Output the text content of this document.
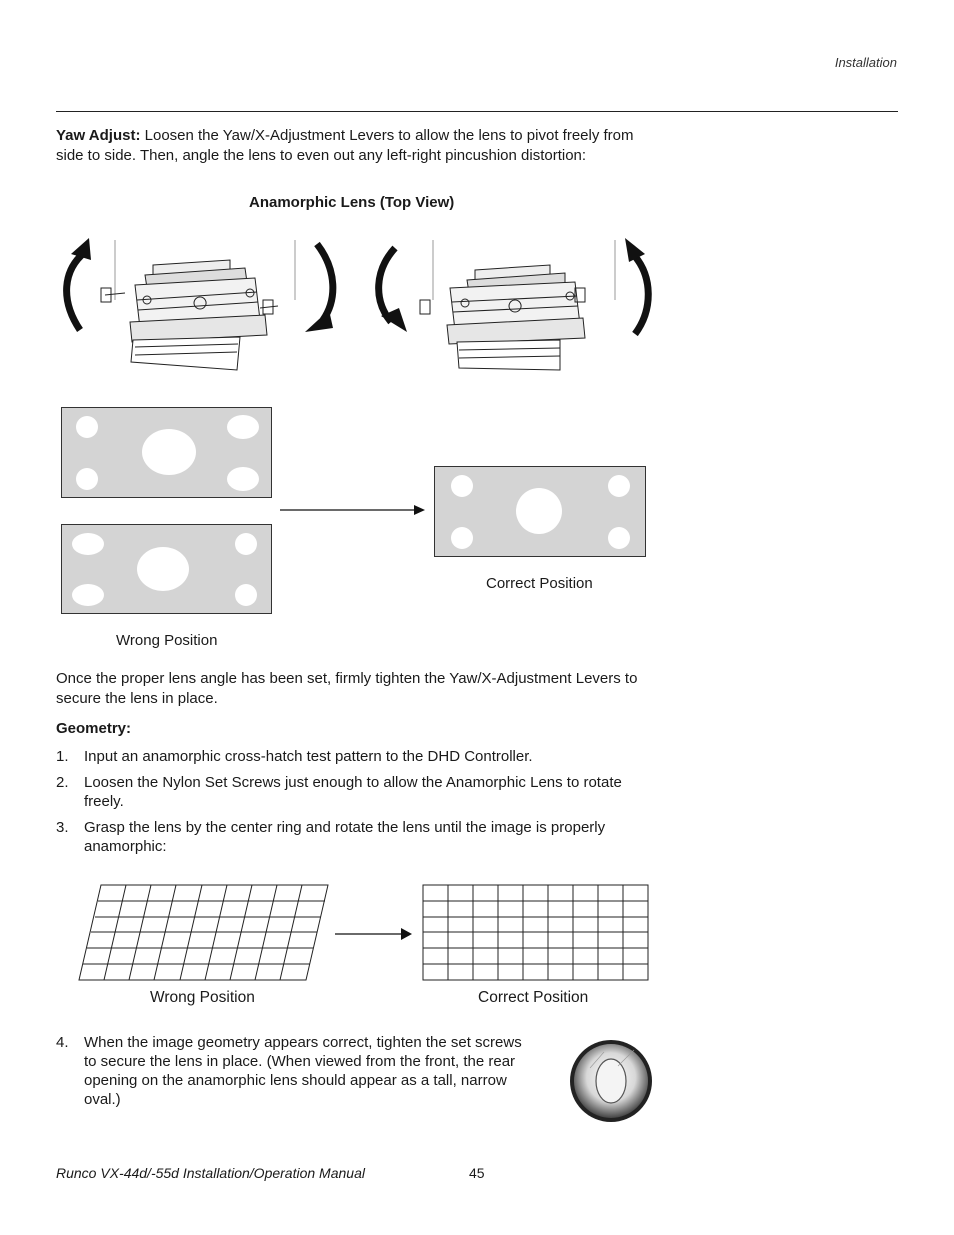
Installation
Yaw Adjust: Loosen the Yaw/X-Adjustment Levers to allow the lens to pivot freely from side to side. Then, angle the lens to even out any left-right pincushion distortion:
Anamorphic Lens (Top View)
Correct Position
Wrong Position
Once the proper lens angle has been set, firmly tighten the Yaw/X-Adjustment Levers to secure the lens in place.
Geometry:
1. Input an anamorphic cross-hatch test pattern to the DHD Controller.
2. Loosen the Nylon Set Screws just enough to allow the Anamorphic Lens to rotate freely.
3. Grasp the lens by the center ring and rotate the lens until the image is properly anamorphic:
Wrong Position	Correct Position
4. When the image geometry appears correct, tighten the set screws to secure the lens in place. (When viewed from the front, the rear opening on the anamorphic lens should appear as a tall, narrow oval.)
Runco VX-44d/-55d Installation/Operation Manual	45
